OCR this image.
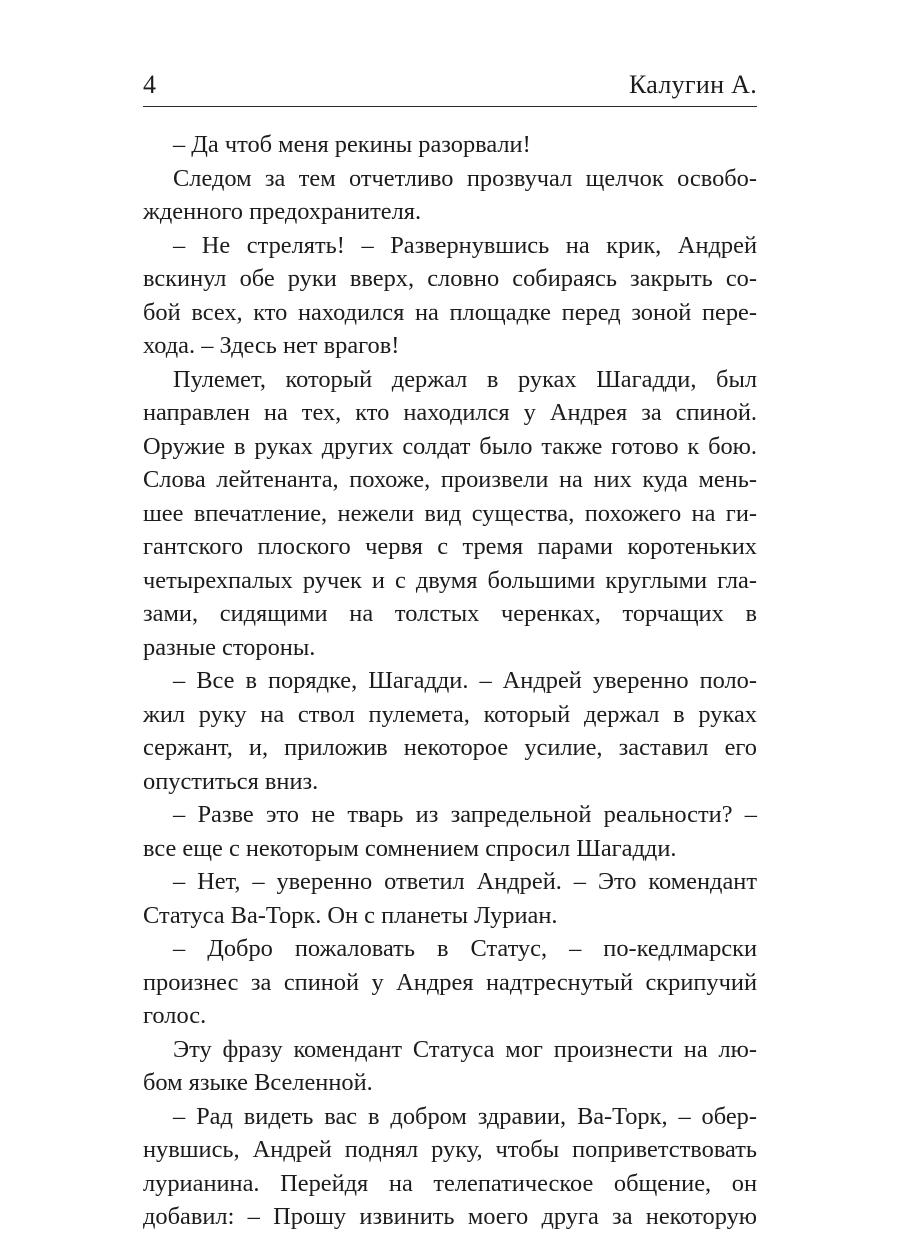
4	Калугин А.
– Да чтоб меня рекины разорвали!
Следом за тем отчетливо прозвучал щелчок освобо-
жденного предохранителя.
– Не стрелять! – Развернувшись на крик, Андрей
вскинул обе руки вверх, словно собираясь закрыть со-
бой всех, кто находился на площадке перед зоной пере-
хода. – Здесь нет врагов!
Пулемет, который держал в руках Шагадди, был
направлен на тех, кто находился у Андрея за спиной.
Оружие в руках других солдат было также готово к бою.
Слова лейтенанта, похоже, произвели на них куда мень-
шее впечатление, нежели вид существа, похожего на ги-
гантского плоского червя с тремя парами коротеньких
четырехпалых ручек и с двумя большими круглыми гла-
зами, сидящими на толстых черенках, торчащих в
разные стороны.
– Все в порядке, Шагадди. – Андрей уверенно поло-
жил руку на ствол пулемета, который держал в руках
сержант, и, приложив некоторое усилие, заставил его
опуститься вниз.
– Разве это не тварь из запредельной реальности? –
все еще с некоторым сомнением спросил Шагадди.
– Нет, – уверенно ответил Андрей. – Это комендант
Статуса Ва-Торк. Он с планеты Луриан.
– Добро пожаловать в Статус, – по-кедлмарски
произнес за спиной у Андрея надтреснутый скрипучий
голос.
Эту фразу комендант Статуса мог произнести на лю-
бом языке Вселенной.
– Рад видеть вас в добром здравии, Ва-Торк, – обер-
нувшись, Андрей поднял руку, чтобы поприветствовать
лурианина. Перейдя на телепатическое общение, он
добавил: – Прошу извинить моего друга за некоторую
